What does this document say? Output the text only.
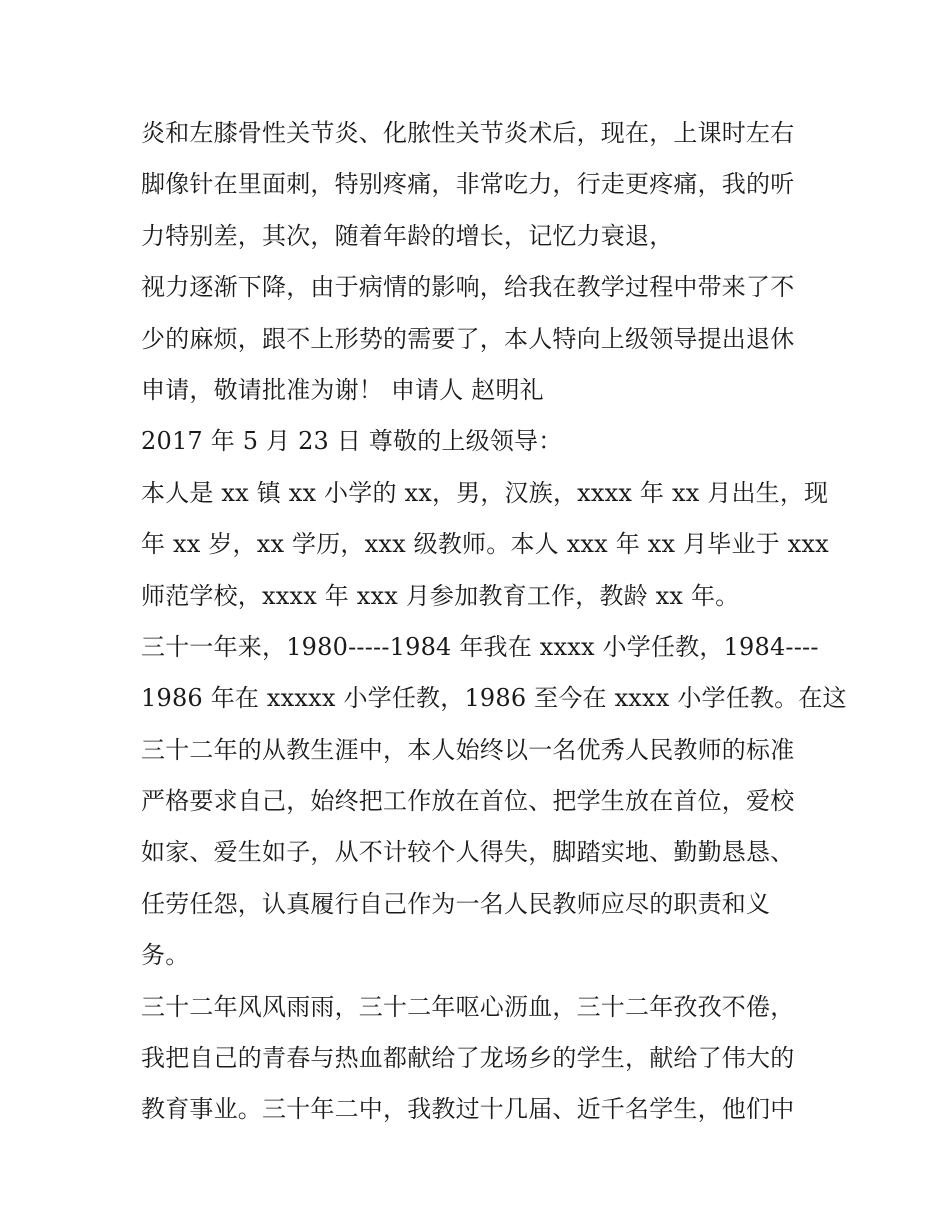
炎和左膝骨性关节炎、化脓性关节炎术后，现在，上课时左右
脚像针在里面刺，特别疼痛，非常吃力，行走更疼痛，我的听
力特别差，其次，随着年龄的增长，记忆力衰退，
视力逐渐下降，由于病情的影响，给我在教学过程中带来了不
少的麻烦，跟不上形势的需要了，本人特向上级领导提出退休
申请，敬请批准为谢！ 申请人 赵明礼
2017 年 5 月 23 日 尊敬的上级领导：
本人是 xx 镇 xx 小学的 xx，男，汉族，xxxx 年 xx 月出生，现
年 xx 岁，xx 学历，xxx 级教师。本人 xxx 年 xx 月毕业于 xxx
师范学校，xxxx 年 xxx 月参加教育工作，教龄 xx 年。
三十一年来，1980-----1984 年我在 xxxx 小学任教，1984----
1986 年在 xxxxx 小学任教，1986 至今在 xxxx 小学任教。在这
三十二年的从教生涯中，本人始终以一名优秀人民教师的标准
严格要求自己，始终把工作放在首位、把学生放在首位，爱校
如家、爱生如子，从不计较个人得失，脚踏实地、勤勤恳恳、
任劳任怨，认真履行自己作为一名人民教师应尽的职责和义
务。
三十二年风风雨雨，三十二年呕心沥血，三十二年孜孜不倦，
我把自己的青春与热血都献给了龙场乡的学生，献给了伟大的
教育事业。三十年二中，我教过十几届、近千名学生，他们中
